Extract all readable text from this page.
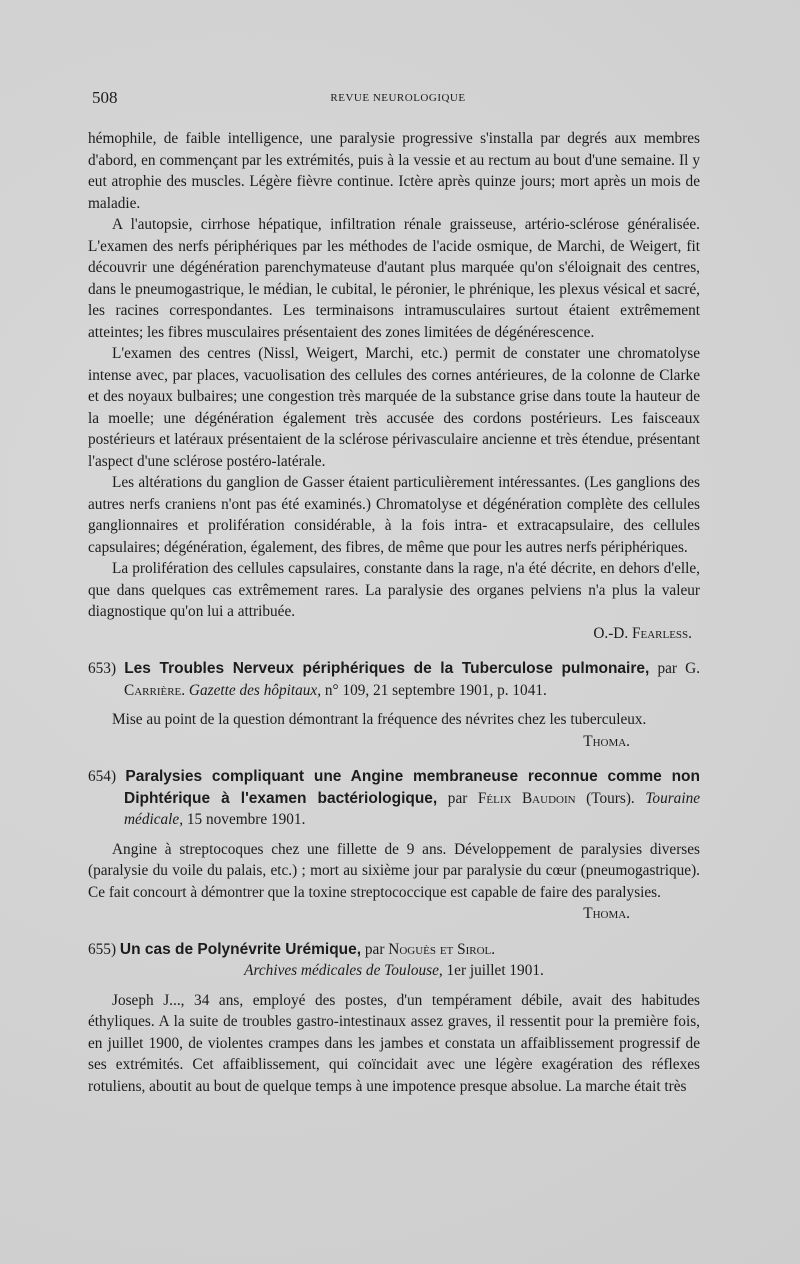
508	REVUE NEUROLOGIQUE

hémophile, de faible intelligence, une paralysie progressive s'installa par degrés aux membres d'abord, en commençant par les extrémités, puis à la vessie et au rectum au bout d'une semaine. Il y eut atrophie des muscles. Légère fièvre continue. Ictère après quinze jours; mort après un mois de maladie.

A l'autopsie, cirrhose hépatique, infiltration rénale graisseuse, artério-sclérose généralisée. L'examen des nerfs périphériques par les méthodes de l'acide osmique, de Marchi, de Weigert, fit découvrir une dégénération parenchymateuse d'autant plus marquée qu'on s'éloignait des centres, dans le pneumogastrique, le médian, le cubital, le péronier, le phrénique, les plexus vésical et sacré, les racines correspondantes. Les terminaisons intramusculaires surtout étaient extrêmement atteintes; les fibres musculaires présentaient des zones limitées de dégénérescence.

L'examen des centres (Nissl, Weigert, Marchi, etc.) permit de constater une chromatolyse intense avec, par places, vacuolisation des cellules des cornes antérieures, de la colonne de Clarke et des noyaux bulbaires; une congestion très marquée de la substance grise dans toute la hauteur de la moelle; une dégénération également très accusée des cordons postérieurs. Les faisceaux postérieurs et latéraux présentaient de la sclérose périvasculaire ancienne et très étendue, présentant l'aspect d'une sclérose postéro-latérale.

Les altérations du ganglion de Gasser étaient particulièrement intéressantes. (Les ganglions des autres nerfs craniens n'ont pas été examinés.) Chromatolyse et dégénération complète des cellules ganglionnaires et prolifération considérable, à la fois intra- et extracapsulaire, des cellules capsulaires; dégénération, également, des fibres, de même que pour les autres nerfs périphériques.

La prolifération des cellules capsulaires, constante dans la rage, n'a été décrite, en dehors d'elle, que dans quelques cas extrêmement rares. La paralysie des organes pelviens n'a plus la valeur diagnostique qu'on lui a attribuée.

O.-D. Fearless.

653) Les Troubles Nerveux périphériques de la Tuberculose pulmonaire, par G. Carrière. Gazette des hôpitaux, n° 109, 21 septembre 1901, p. 1041.

Mise au point de la question démontrant la fréquence des névrites chez les tuberculeux.
Thoma.

654) Paralysies compliquant une Angine membraneuse reconnue comme non Diphtérique à l'examen bactériologique, par Félix Baudoin (Tours). Touraine médicale, 15 novembre 1901.

Angine à streptocoques chez une fillette de 9 ans. Développement de paralysies diverses (paralysie du voile du palais, etc.) ; mort au sixième jour par paralysie du cœur (pneumogastrique). Ce fait concourt à démontrer que la toxine streptococcique est capable de faire des paralysies.
Thoma.

655) Un cas de Polynévrite Urémique, par Noguès et Sirol.

Archives médicales de Toulouse, 1er juillet 1901.

Joseph J..., 34 ans, employé des postes, d'un tempérament débile, avait des habitudes éthyliques. A la suite de troubles gastro-intestinaux assez graves, il ressentit pour la première fois, en juillet 1900, de violentes crampes dans les jambes et constata un affaiblissement progressif de ses extrémités. Cet affaiblissement, qui coïncidait avec une légère exagération des réflexes rotuliens, aboutit au bout de quelque temps à une impotence presque absolue. La marche était très
